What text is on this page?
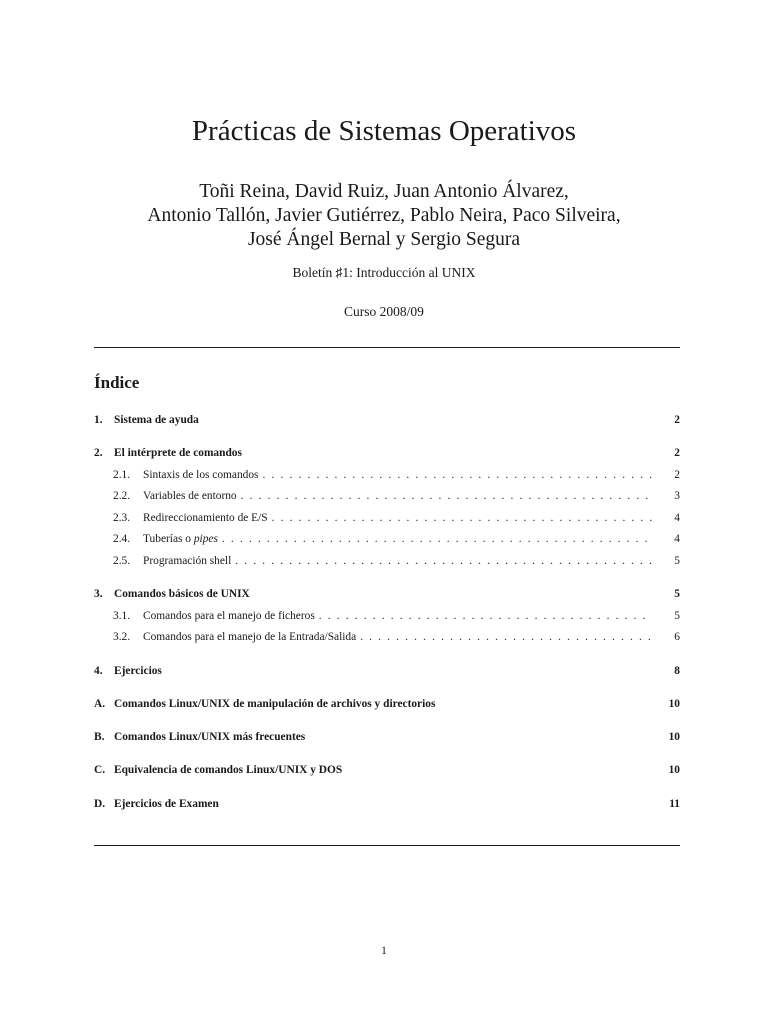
Prácticas de Sistemas Operativos
Toñi Reina, David Ruiz, Juan Antonio Álvarez,
Antonio Tallón, Javier Gutiérrez, Pablo Neira, Paco Silveira,
José Ángel Bernal y Sergio Segura
Boletín ♯1: Introducción al UNIX
Curso 2008/09
Índice
1.	Sistema de ayuda	2
2.	El intérprete de comandos	2
2.1.	Sintaxis de los comandos . . .	2
2.2.	Variables de entorno . . .	3
2.3.	Redireccionamiento de E/S . . .	4
2.4.	Tuberías o pipes . . .	4
2.5.	Programación shell . . .	5
3.	Comandos básicos de UNIX	5
3.1.	Comandos para el manejo de ficheros . . .	5
3.2.	Comandos para el manejo de la Entrada/Salida . . .	6
4.	Ejercicios	8
A. Comandos Linux/UNIX de manipulación de archivos y directorios	10
B. Comandos Linux/UNIX más frecuentes	10
C. Equivalencia de comandos Linux/UNIX y DOS	10
D. Ejercicios de Examen	11
1
